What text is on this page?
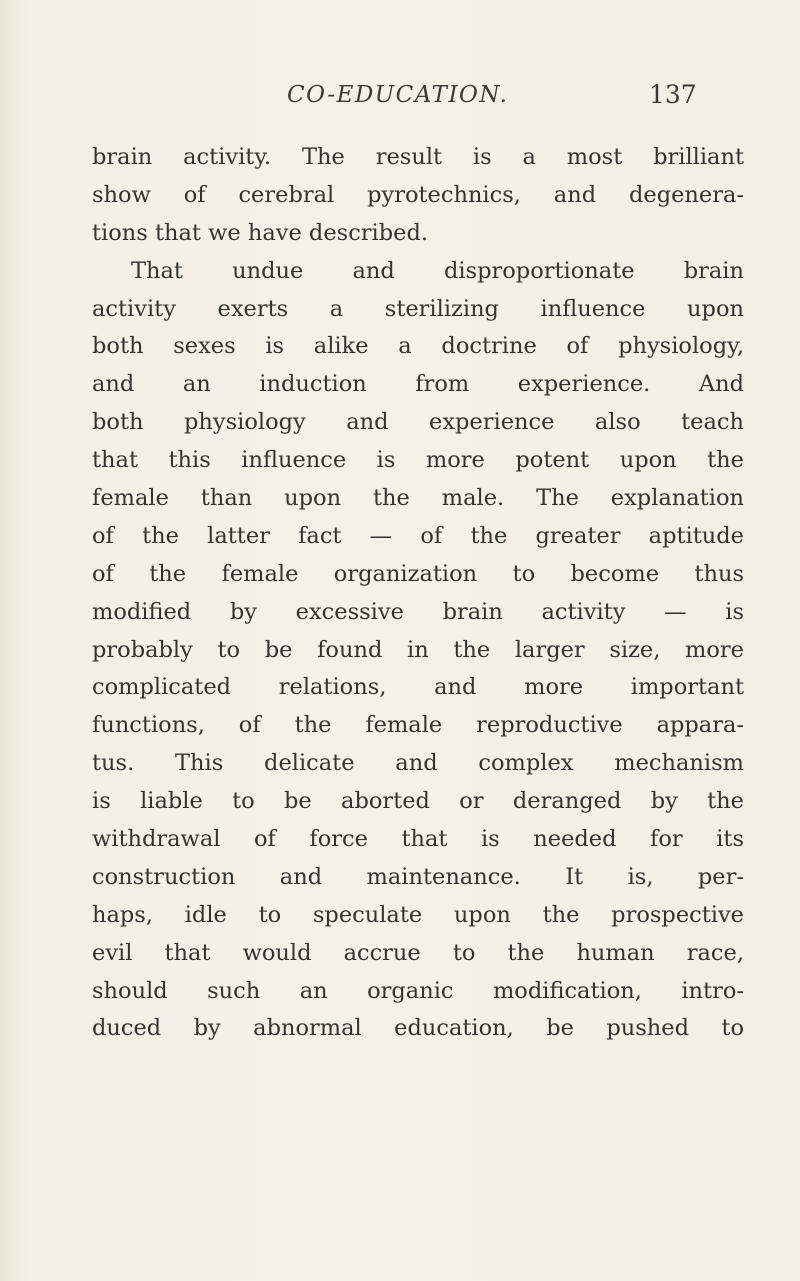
CO-EDUCATION.	137
brain activity. The result is a most brilliant
show of cerebral pyrotechnics, and degenera-
tions that we have described.
That undue and disproportionate brain
activity exerts a sterilizing influence upon
both sexes is alike a doctrine of physiology,
and an induction from experience. And
both physiology and experience also teach
that this influence is more potent upon the
female than upon the male. The explanation
of the latter fact — of the greater aptitude
of the female organization to become thus
modified by excessive brain activity — is
probably to be found in the larger size, more
complicated relations, and more important
functions, of the female reproductive appara-
tus. This delicate and complex mechanism
is liable to be aborted or deranged by the
withdrawal of force that is needed for its
construction and maintenance. It is, per-
haps, idle to speculate upon the prospective
evil that would accrue to the human race,
should such an organic modification, intro-
duced by abnormal education, be pushed to
